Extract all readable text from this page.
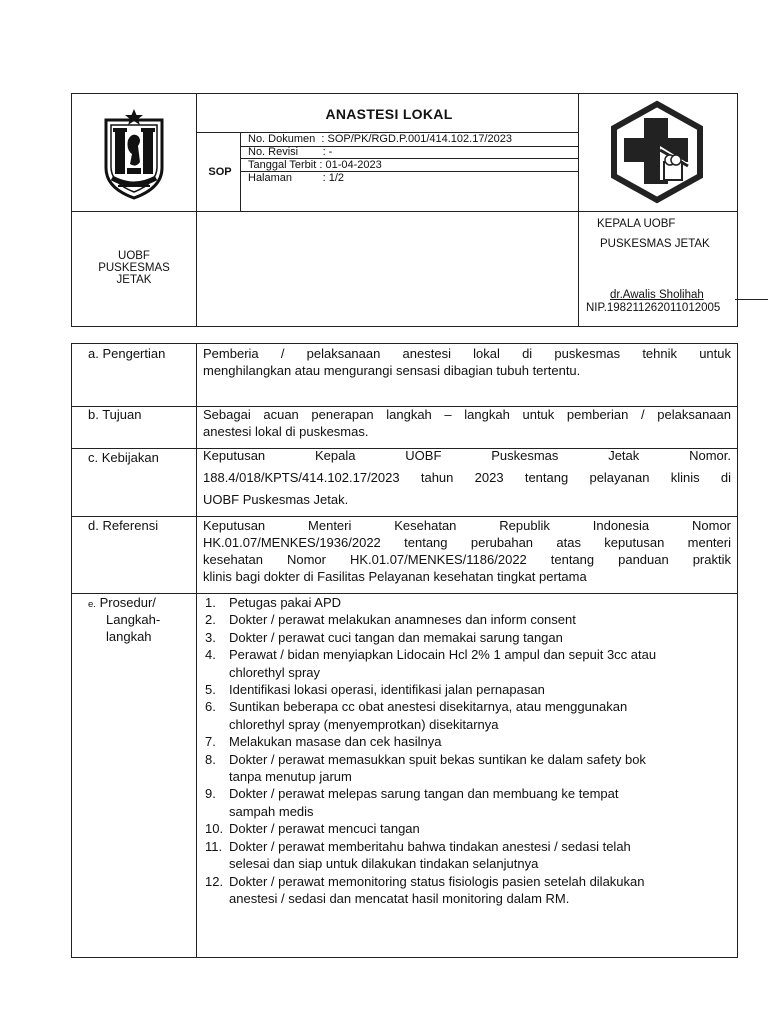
ANASTESI LOKAL
SOP
No. Dokumen  : SOP/PK/RGD.P.001/414.102.17/2023
No. Revisi        : -
Tanggal Terbit : 01-04-2023
Halaman          : 1/2
UOBF
PUSKESMAS
JETAK
KEPALA UOBF
PUSKESMAS JETAK
dr.Awalis Sholihah
NIP.198211262011012005
a. Pengertian	Pemberia / pelaksanaan anestesi lokal di puskesmas tehnik untuk
menghilangkan atau mengurangi sensasi dibagian tubuh tertentu.
b. Tujuan	Sebagai acuan penerapan langkah – langkah untuk pemberian / pelaksanaan
anestesi lokal di puskesmas.
c. Kebijakan	Keputusan Kepala UOBF Puskesmas Jetak Nomor.
188.4/018/KPTS/414.102.17/2023 tahun 2023 tentang pelayanan klinis di
UOBF Puskesmas Jetak.
d. Referensi	Keputusan Menteri Kesehatan Republik Indonesia Nomor
HK.01.07/MENKES/1936/2022 tentang perubahan atas keputusan menteri
kesehatan Nomor HK.01.07/MENKES/1186/2022 tentang panduan praktik
klinis bagi dokter di Fasilitas Pelayanan kesehatan tingkat pertama
e. Prosedur/
Langkah-
langkah
1. Petugas pakai APD
2. Dokter / perawat melakukan anamneses dan inform consent
3. Dokter / perawat cuci tangan dan memakai sarung tangan
4. Perawat / bidan menyiapkan Lidocain Hcl 2% 1 ampul dan sepuit 3cc atau
chlorethyl spray
5. Identifikasi lokasi operasi, identifikasi jalan pernapasan
6. Suntikan beberapa cc obat anestesi disekitarnya, atau menggunakan
chlorethyl spray (menyemprotkan) disekitarnya
7. Melakukan masase dan cek hasilnya
8. Dokter / perawat memasukkan spuit bekas suntikan ke dalam safety bok
tanpa menutup jarum
9. Dokter / perawat melepas sarung tangan dan membuang ke tempat
sampah medis
10. Dokter / perawat mencuci tangan
11. Dokter / perawat memberitahu bahwa tindakan anestesi / sedasi telah
selesai dan siap untuk dilakukan tindakan selanjutnya
12. Dokter / perawat memonitoring status fisiologis pasien setelah dilakukan
anestesi / sedasi dan mencatat hasil monitoring dalam RM.
